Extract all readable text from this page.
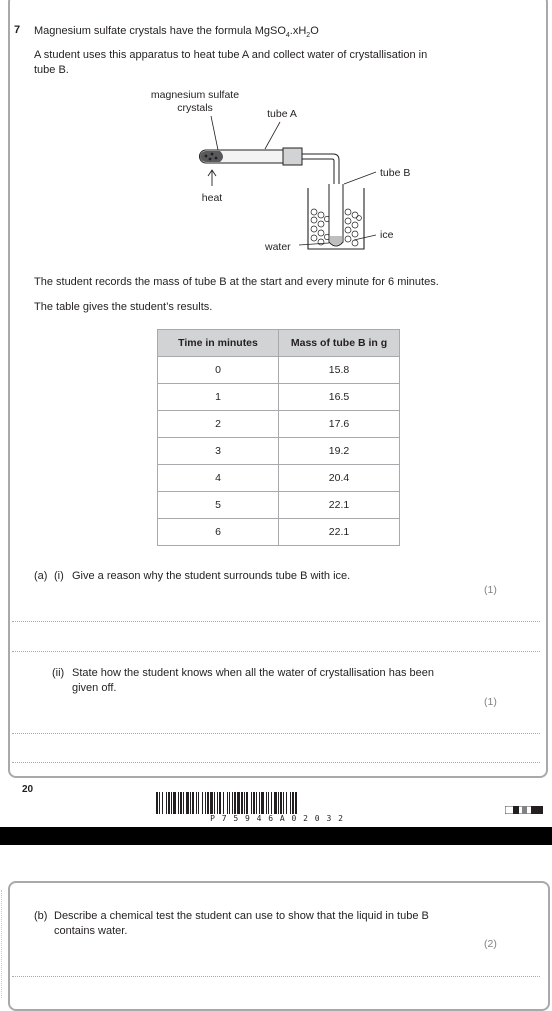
7 Magnesium sulfate crystals have the formula $MgSO_4.xH_2O$
A student uses this apparatus to heat tube A and collect water of crystallisation in
tube B.
magnesium sulfate
crystals	tube A
heat
tube B
ice
water
The student records the mass of tube B at the start and every minute for 6 minutes.
The table gives the student’s results.
Time in minutes	Mass of tube B in g
0	15.8
1	16.5
2	17.6
3	19.2
4	20.4
5	22.1
6	22.1
(a) (i) Give a reason why the student surrounds tube B with ice.
(1)
(ii) State how the student knows when all the water of crystallisation has been
given off.
(1)
20
P 7 5 9 4 6 A 0 2 0 3 2
(b) Describe a chemical test the student can use to show that the liquid in tube B
contains water.
(2)
